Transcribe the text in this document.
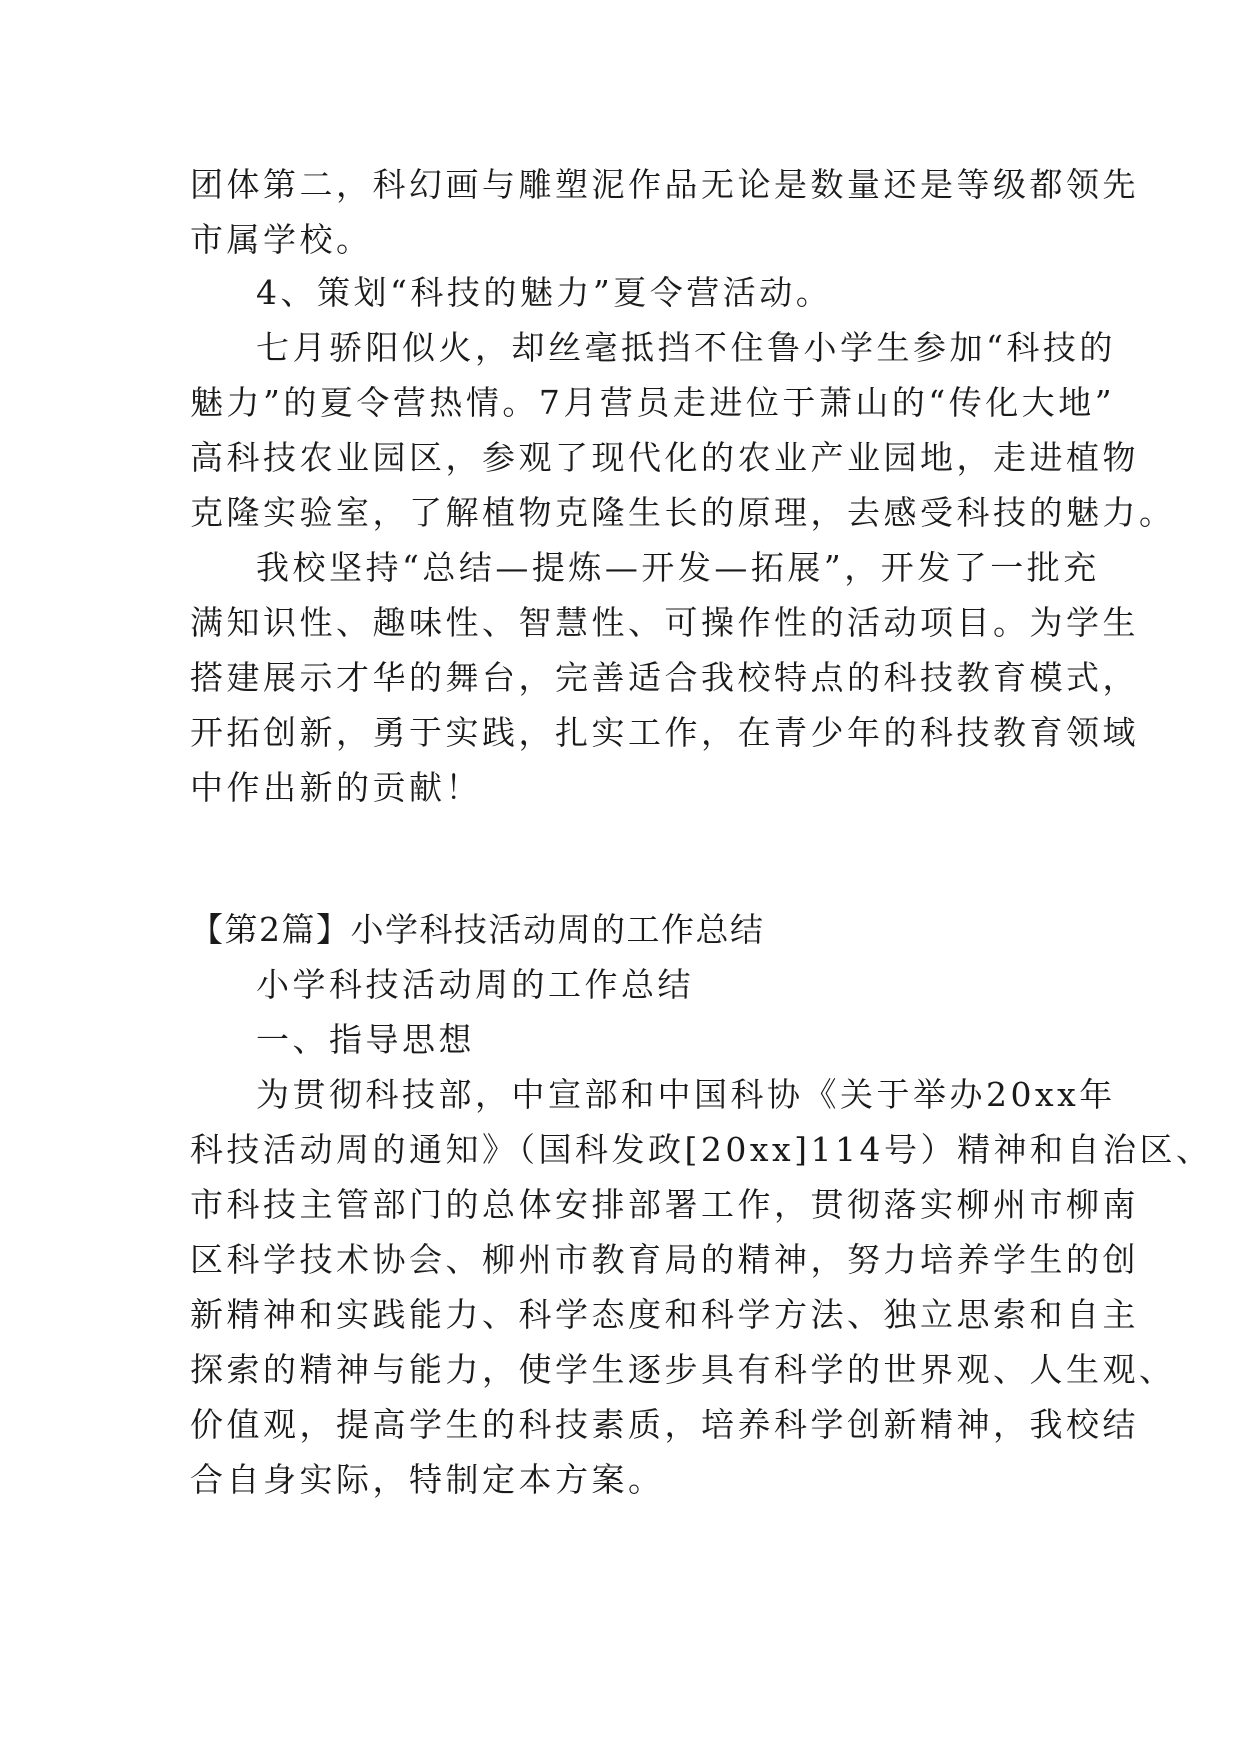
团体第二，科幻画与雕塑泥作品无论是数量还是等级都领先
市属学校。
4、策划“科技的魅力”夏令营活动。
七月骄阳似火，却丝毫抵挡不住鲁小学生参加“科技的
魅力”的夏令营热情。7月营员走进位于萧山的“传化大地”
高科技农业园区，参观了现代化的农业产业园地，走进植物
克隆实验室，了解植物克隆生长的原理，去感受科技的魅力。
我校坚持“总结—提炼—开发—拓展”，开发了一批充
满知识性、趣味性、智慧性、可操作性的活动项目。为学生
搭建展示才华的舞台，完善适合我校特点的科技教育模式，
开拓创新，勇于实践，扎实工作，在青少年的科技教育领域
中作出新的贡献！
【第2篇】小学科技活动周的工作总结
小学科技活动周的工作总结
一、指导思想
为贯彻科技部，中宣部和中国科协《关于举办20xx年
科技活动周的通知》（国科发政[20xx]114号）精神和自治区、
市科技主管部门的总体安排部署工作，贯彻落实柳州市柳南
区科学技术协会、柳州市教育局的精神，努力培养学生的创
新精神和实践能力、科学态度和科学方法、独立思索和自主
探索的精神与能力，使学生逐步具有科学的世界观、人生观、
价值观，提高学生的科技素质，培养科学创新精神，我校结
合自身实际，特制定本方案。
